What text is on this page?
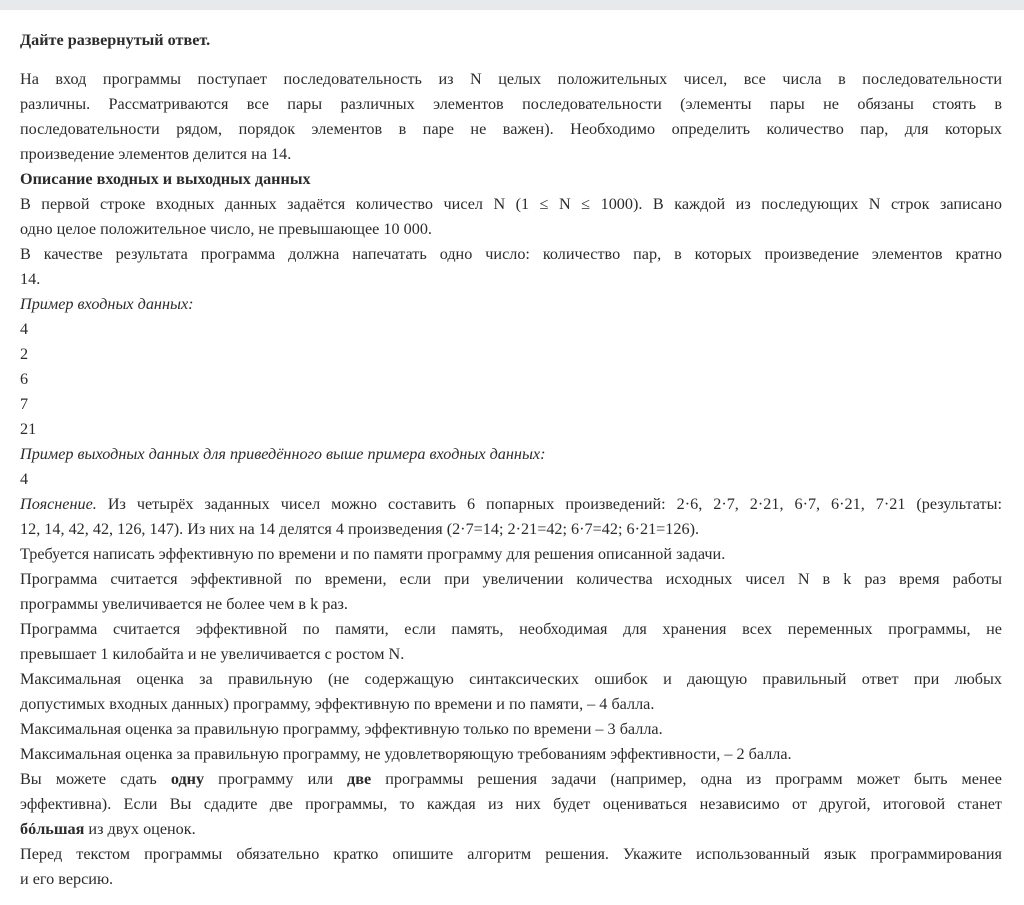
Дайте развернутый ответ.

На вход программы поступает последовательность из N целых положительных чисел, все числа в последовательности

различны. Рассматриваются все пары различных элементов последовательности (элементы пары не обязаны стоять в

последовательности рядом, порядок элементов в паре не важен). Необходимо определить количество пар, для которых

произведение элементов делится на 14.

Описание входных и выходных данных

В первой строке входных данных задаётся количество чисел N (1 ≤ N ≤ 1000). В каждой из последующих N строк записано

одно целое положительное число, не превышающее 10 000.

В качестве результата программа должна напечатать одно число: количество пар, в которых произведение элементов кратно

14.

Пример входных данных:

4

2

6

7

21

Пример выходных данных для приведённого выше примера входных данных:

4

Пояснение. Из четырёх заданных чисел можно составить 6 попарных произведений: 2·6, 2·7, 2·21, 6·7, 6·21, 7·21 (результаты:

12, 14, 42, 42, 126, 147). Из них на 14 делятся 4 произведения (2·7=14; 2·21=42; 6·7=42; 6·21=126).

Требуется написать эффективную по времени и по памяти программу для решения описанной задачи.

Программа считается эффективной по времени, если при увеличении количества исходных чисел N в k раз время работы

программы увеличивается не более чем в k раз.

Программа считается эффективной по памяти, если память, необходимая для хранения всех переменных программы, не

превышает 1 килобайта и не увеличивается с ростом N.

Максимальная оценка за правильную (не содержащую синтаксических ошибок и дающую правильный ответ при любых

допустимых входных данных) программу, эффективную по времени и по памяти, – 4 балла.

Максимальная оценка за правильную программу, эффективную только по времени – 3 балла.

Максимальная оценка за правильную программу, не удовлетворяющую требованиям эффективности, – 2 балла.

Вы можете сдать одну программу или две программы решения задачи (например, одна из программ может быть менее

эффективна). Если Вы сдадите две программы, то каждая из них будет оцениваться независимо от другой, итоговой станет

бóльшая из двух оценок.

Перед текстом программы обязательно кратко опишите алгоритм решения. Укажите использованный язык программирования

и его версию.
